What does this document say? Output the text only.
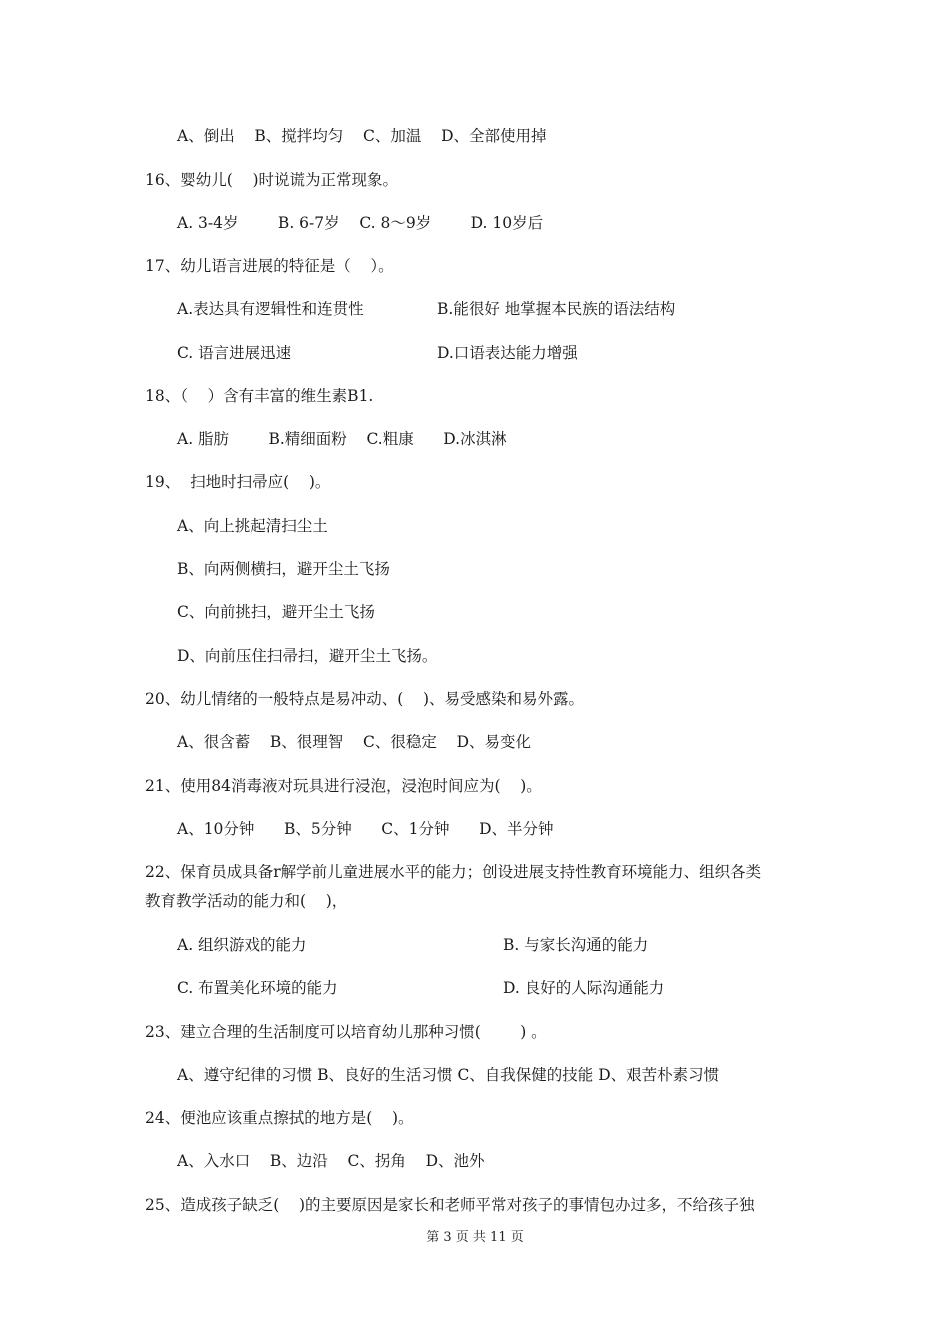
A、倒出    B、搅拌均匀    C、加温    D、全部使用掉
16、婴幼儿(    )时说谎为正常现象。
A. 3-4岁        B. 6-7岁    C. 8～9岁        D. 10岁后
17、幼儿语言进展的特征是（    ）。
A.表达具有逻辑性和连贯性	B.能很好 地掌握本民族的语法结构
C. 语言进展迅速	D.口语表达能力增强
18、（    ）含有丰富的维生素B1.
A. 脂肪        B.精细面粉    C.粗康      D.冰淇淋
19、  扫地时扫帚应(    )。
A、向上挑起清扫尘土
B、向两侧横扫，避开尘土飞扬
C、向前挑扫，避开尘土飞扬
D、向前压住扫帚扫，避开尘土飞扬。
20、幼儿情绪的一般特点是易冲动、(    )、易受感染和易外露。
A、很含蓄    B、很理智    C、很稳定    D、易变化
21、使用84消毒液对玩具进行浸泡，浸泡时间应为(    )。
A、10分钟      B、5分钟      C、1分钟      D、半分钟
22、保育员成具备r解学前儿童进展水平的能力；创设进展支持性教育环境能力、组织各类
教育教学活动的能力和(    )，
A. 组织游戏的能力	B. 与家长沟通的能力
C. 布置美化环境的能力	D. 良好的人际沟通能力
23、建立合理的生活制度可以培育幼儿那种习惯(        ) 。
A、遵守纪律的习惯 B、良好的生活习惯 C、自我保健的技能 D、艰苦朴素习惯
24、便池应该重点擦拭的地方是(    )。
A、入水口    B、边沿    C、拐角    D、池外
25、造成孩子缺乏(    )的主要原因是家长和老师平常对孩子的事情包办过多，不给孩子独
第 3 页 共 11 页
